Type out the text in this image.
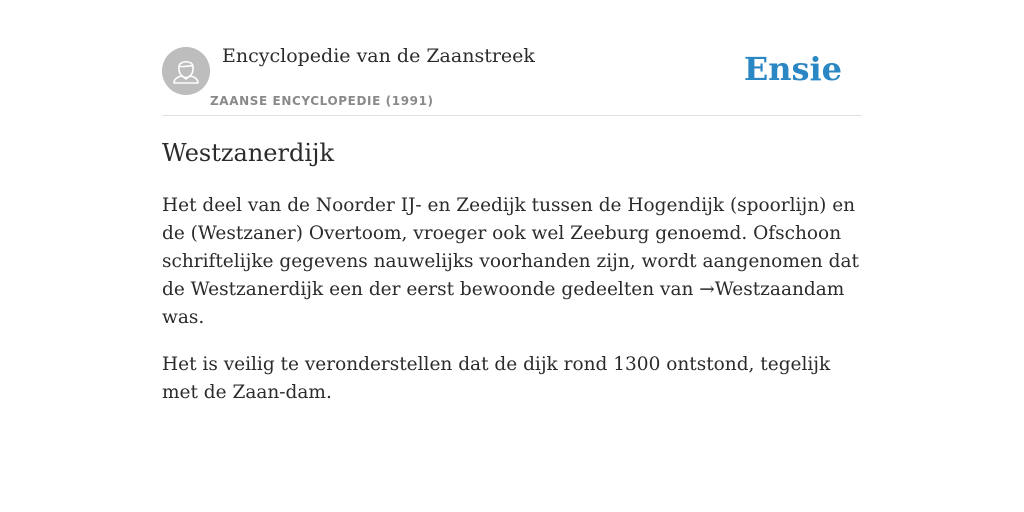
Encyclopedie van de Zaanstreek
ZAANSE ENCYCLOPEDIE (1991)
Ensie
Westzanerdijk

Het deel van de Noorder IJ- en Zeedijk tussen de Hogendijk (spoorlijn) en de (Westzaner) Overtoom, vroeger ook wel Zeeburg genoemd. Ofschoon schriftelijke gegevens nauwelijks voorhanden zijn, wordt aangenomen dat de Westzanerdijk een der eerst bewoonde gedeelten van →Westzaandam was.

Het is veilig te veronderstellen dat de dijk rond 1300 ontstond, tegelijk met de Zaan-dam.
